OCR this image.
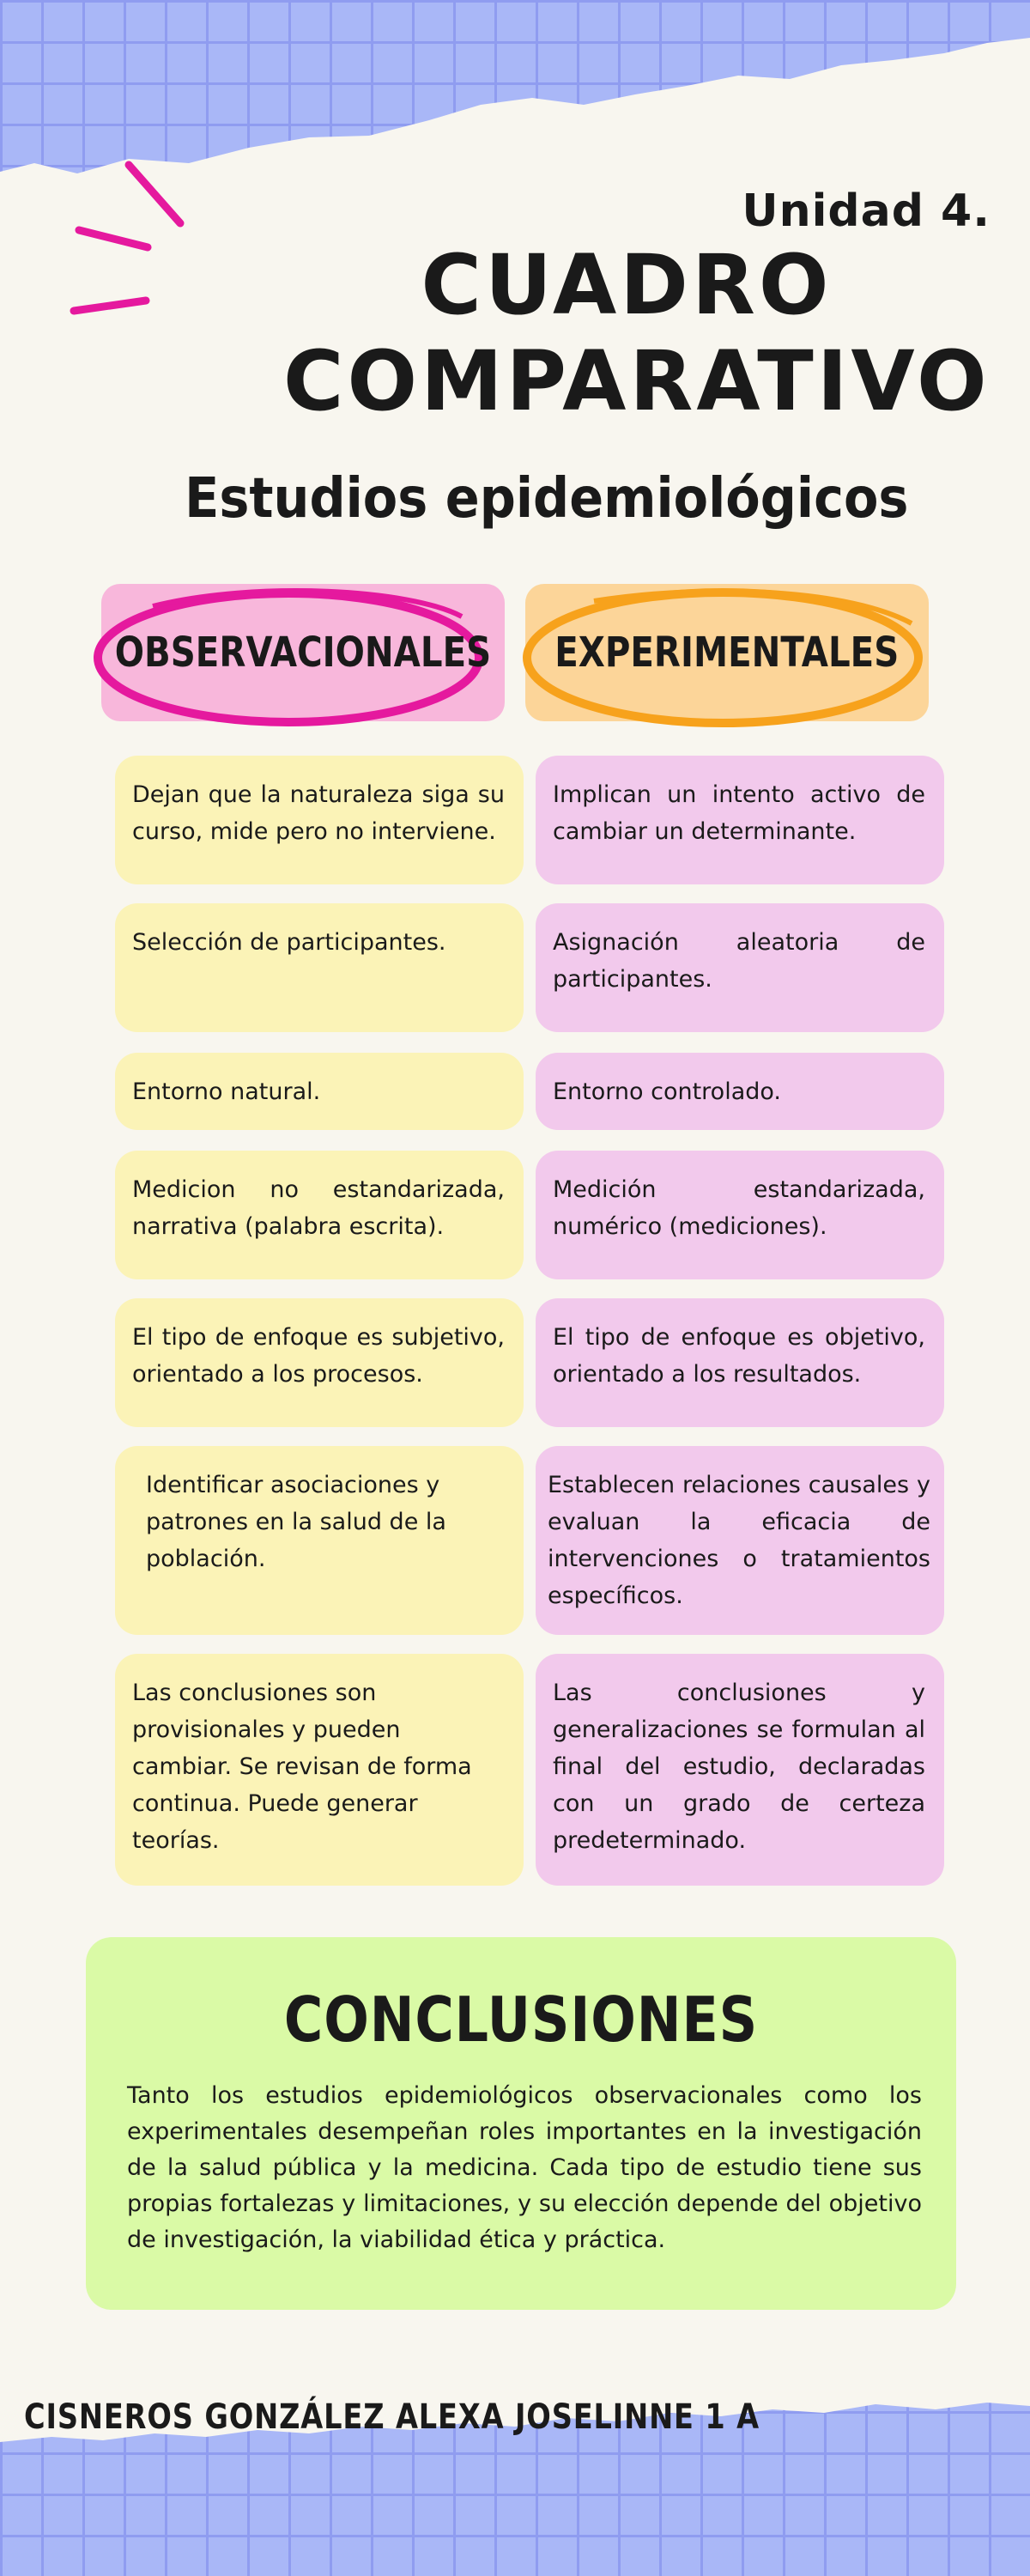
Unidad 4.
CUADRO
COMPARATIVO
Estudios epidemiológicos
OBSERVACIONALES EXPERIMENTALES
Dejan que la naturaleza siga su curso, mide pero no interviene.
Implican un intento activo de cambiar un determinante.
Selección de participantes.	Asignación aleatoria de participantes.
Entorno natural.	Entorno controlado.
Medicion no estandarizada, narrativa (palabra escrita).
Medición estandarizada, numérico (mediciones).
El tipo de enfoque es subjetivo, orientado a los procesos.
El tipo de enfoque es objetivo, orientado a los resultados.
Identificar asociaciones y patrones en la salud de la población.
Establecen relaciones causales y evaluan la eficacia de intervenciones o tratamientos específicos.
Las conclusiones son provisionales y pueden cambiar. Se revisan de forma continua. Puede generar teorías.
Las conclusiones y generalizaciones se formulan al final del estudio, declaradas con un grado de certeza predeterminado.
CONCLUSIONES

Tanto los estudios epidemiológicos observacionales como los experimentales desempeñan roles importantes en la investigación de la salud pública y la medicina. Cada tipo de estudio tiene sus propias fortalezas y limitaciones, y su elección depende del objetivo de investigación, la viabilidad ética y práctica.

CISNEROS GONZÁLEZ ALEXA JOSELINNE 1 A
